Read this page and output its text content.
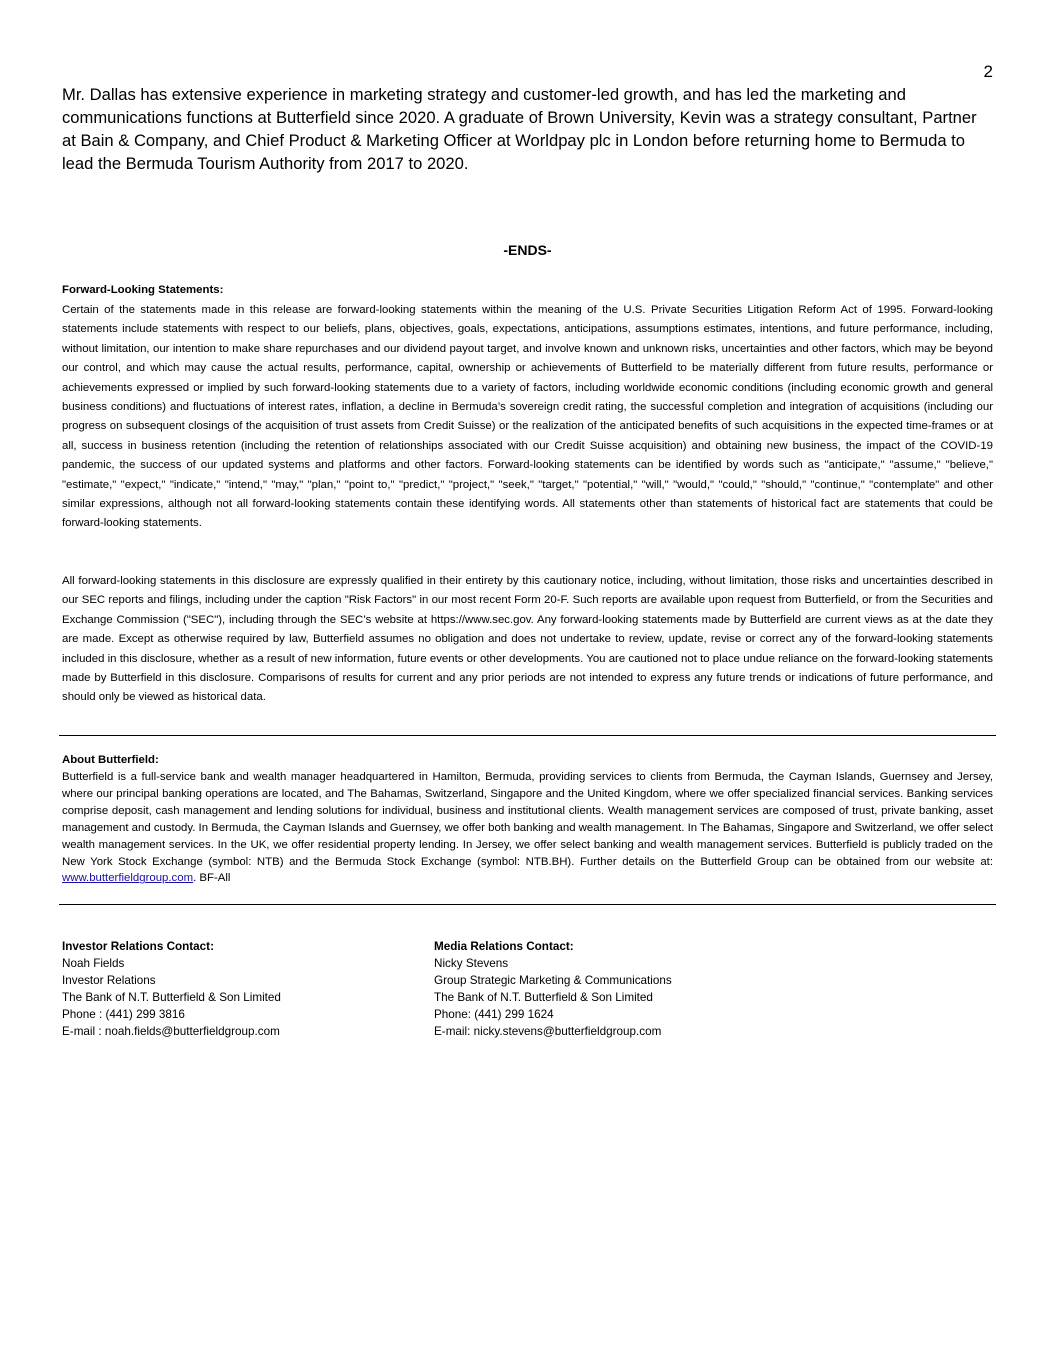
2

Mr. Dallas has extensive experience in marketing strategy and customer-led growth, and has led the marketing and communications functions at Butterfield since 2020. A graduate of Brown University, Kevin was a strategy consultant, Partner at Bain & Company, and Chief Product & Marketing Officer at Worldpay plc in London before returning home to Bermuda to lead the Bermuda Tourism Authority from 2017 to 2020.

-ENDS-

Forward-Looking Statements:

Certain of the statements made in this release are forward-looking statements within the meaning of the U.S. Private Securities Litigation Reform Act of 1995. Forward-looking statements include statements with respect to our beliefs, plans, objectives, goals, expectations, anticipations, assumptions estimates, intentions, and future performance, including, without limitation, our intention to make share repurchases and our dividend payout target, and involve known and unknown risks, uncertainties and other factors, which may be beyond our control, and which may cause the actual results, performance, capital, ownership or achievements of Butterfield to be materially different from future results, performance or achievements expressed or implied by such forward-looking statements due to a variety of factors, including worldwide economic conditions (including economic growth and general business conditions) and fluctuations of interest rates, inflation, a decline in Bermuda’s sovereign credit rating, the successful completion and integration of acquisitions (including our progress on subsequent closings of the acquisition of trust assets from Credit Suisse) or the realization of the anticipated benefits of such acquisitions in the expected time-frames or at all, success in business retention (including the retention of relationships associated with our Credit Suisse acquisition) and obtaining new business, the impact of the COVID-19 pandemic, the success of our updated systems and platforms and other factors. Forward-looking statements can be identified by words such as "anticipate," "assume," "believe," "estimate," "expect," "indicate," "intend," "may," "plan," "point to," "predict," "project," "seek," "target," "potential," "will," "would," "could," "should," "continue," "contemplate" and other similar expressions, although not all forward-looking statements contain these identifying words. All statements other than statements of historical fact are statements that could be forward-looking statements.

All forward-looking statements in this disclosure are expressly qualified in their entirety by this cautionary notice, including, without limitation, those risks and uncertainties described in our SEC reports and filings, including under the caption "Risk Factors" in our most recent Form 20-F. Such reports are available upon request from Butterfield, or from the Securities and Exchange Commission ("SEC"), including through the SEC’s website at https://www.sec.gov. Any forward-looking statements made by Butterfield are current views as at the date they are made. Except as otherwise required by law, Butterfield assumes no obligation and does not undertake to review, update, revise or correct any of the forward-looking statements included in this disclosure, whether as a result of new information, future events or other developments. You are cautioned not to place undue reliance on the forward-looking statements made by Butterfield in this disclosure. Comparisons of results for current and any prior periods are not intended to express any future trends or indications of future performance, and should only be viewed as historical data.

About Butterfield:

Butterfield is a full-service bank and wealth manager headquartered in Hamilton, Bermuda, providing services to clients from Bermuda, the Cayman Islands, Guernsey and Jersey, where our principal banking operations are located, and The Bahamas, Switzerland, Singapore and the United Kingdom, where we offer specialized financial services. Banking services comprise deposit, cash management and lending solutions for individual, business and institutional clients. Wealth management services are composed of trust, private banking, asset management and custody. In Bermuda, the Cayman Islands and Guernsey, we offer both banking and wealth management. In The Bahamas, Singapore and Switzerland, we offer select wealth management services. In the UK, we offer residential property lending. In Jersey, we offer select banking and wealth management services. Butterfield is publicly traded on the New York Stock Exchange (symbol: NTB) and the Bermuda Stock Exchange (symbol: NTB.BH). Further details on the Butterfield Group can be obtained from our website at: www.butterfieldgroup.com. BF-All

Investor Relations Contact:
Noah Fields
Investor Relations
The Bank of N.T. Butterfield & Son Limited
Phone : (441) 299 3816
E-mail : noah.fields@butterfieldgroup.com
Media Relations Contact:
Nicky Stevens
Group Strategic Marketing & Communications
The Bank of N.T. Butterfield & Son Limited
Phone: (441) 299 1624
E-mail: nicky.stevens@butterfieldgroup.com
